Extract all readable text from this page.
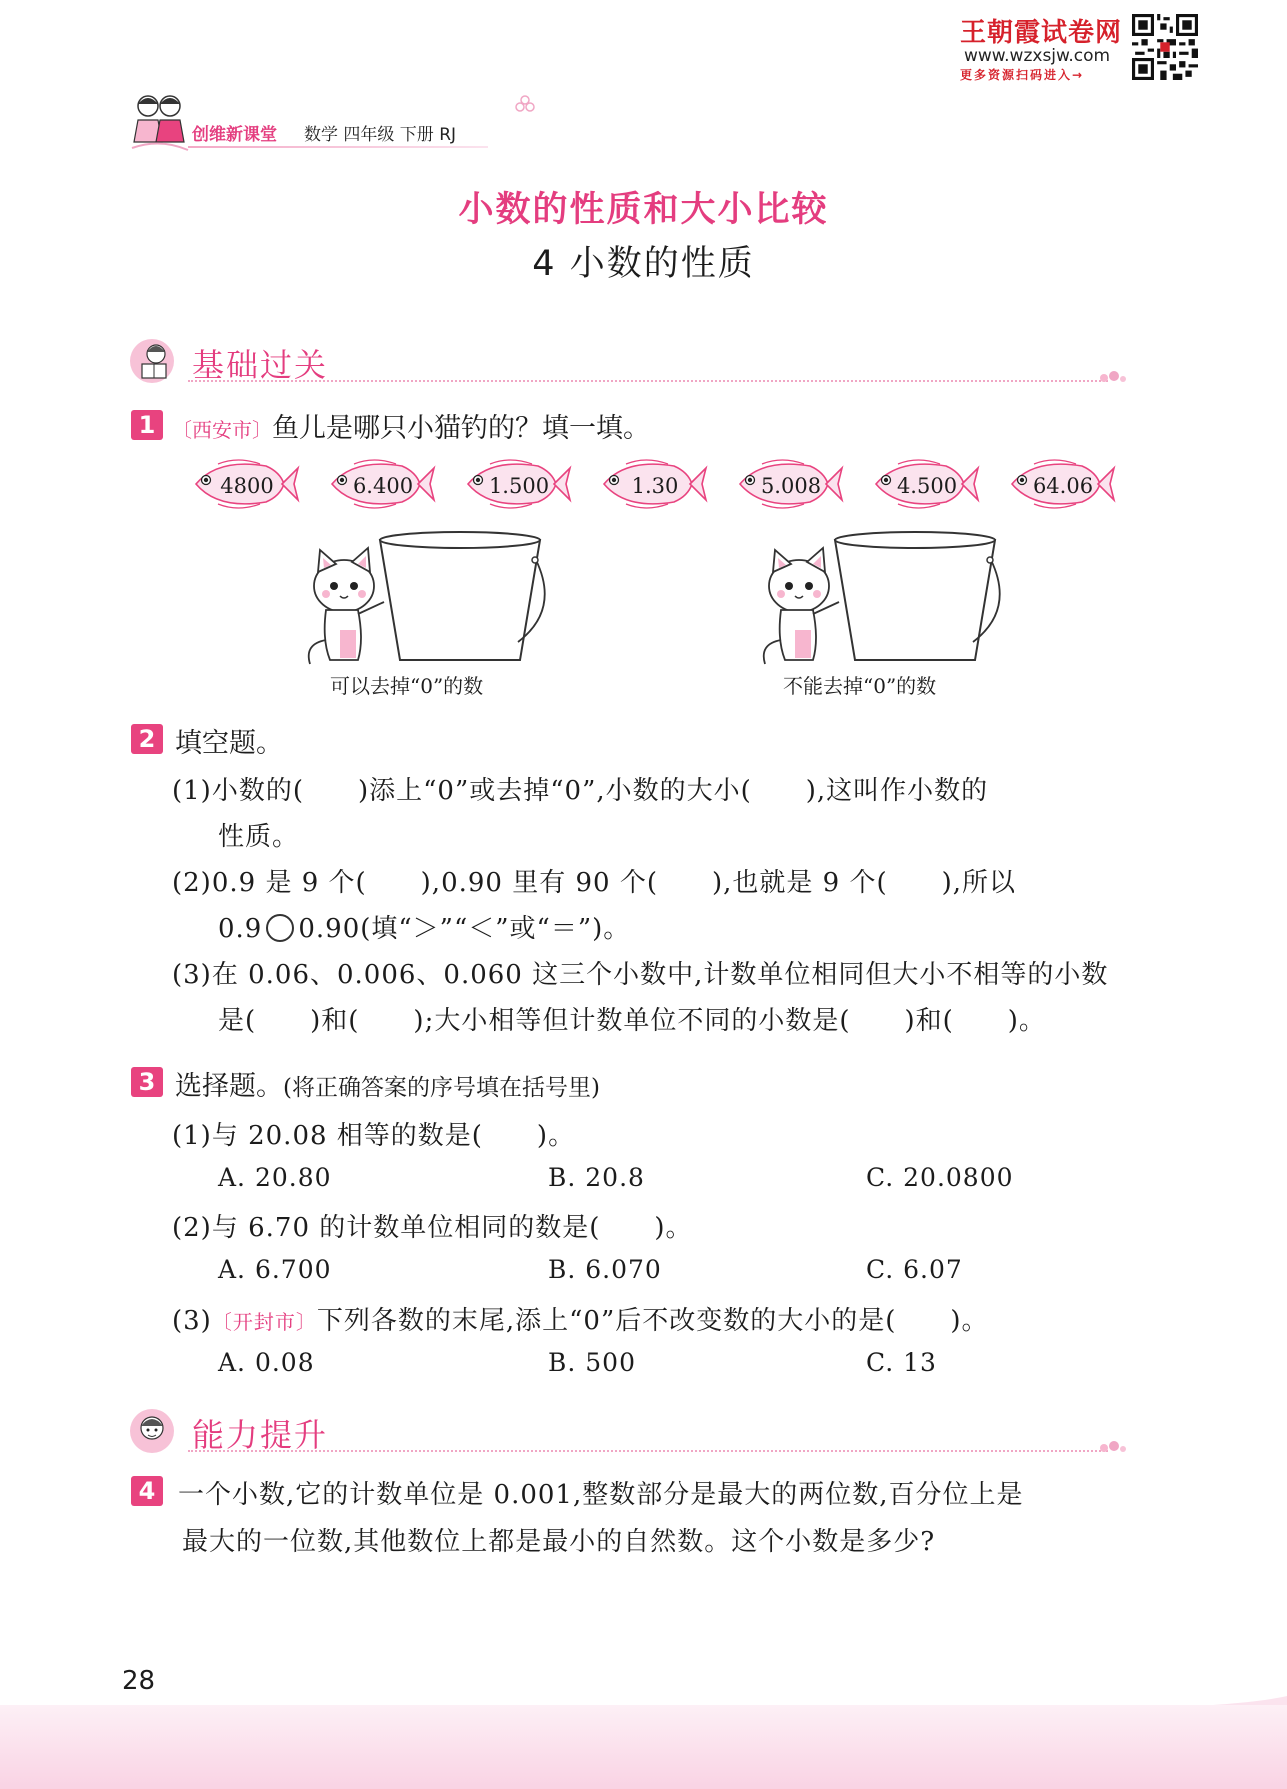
王朝霞试卷网
www.wzxsjw.com
更多资源扫码进入→
创维新课堂 数学 四年级 下册 RJ
小数的性质和大小比较
4 小数的性质
基础过关
1 〔西安市〕鱼儿是哪只小猫钓的？填一填。
4800	6.400	1.500	1.30	5.008	4.500	64.06
可以去掉“0”的数	不能去掉“0”的数
2 填空题。
(1)小数的(　　)添上“0”或去掉“0”,小数的大小(　　),这叫作小数的
性质。
(2)0.9 是 9 个(　　),0.90 里有 90 个(　　),也就是 9 个(　　),所以
0.9 0.90(填“＞”“＜”或“＝”)。
(3)在 0.06、0.006、0.060 这三个小数中,计数单位相同但大小不相等的小数
是(　　)和(　　);大小相等但计数单位不同的小数是(　　)和(　　)。
3 选择题。(将正确答案的序号填在括号里)
(1)与 20.08 相等的数是(　　)。
A. 20.80	B. 20.8	C. 20.0800
(2)与 6.70 的计数单位相同的数是(　　)。
A. 6.700	B. 6.070	C. 6.07
(3)〔开封市〕下列各数的末尾,添上“0”后不改变数的大小的是(　　)。
A. 0.08	B. 500	C. 13
能力提升
4 一个小数,它的计数单位是 0.001,整数部分是最大的两位数,百分位上是
最大的一位数,其他数位上都是最小的自然数。这个小数是多少?
28
